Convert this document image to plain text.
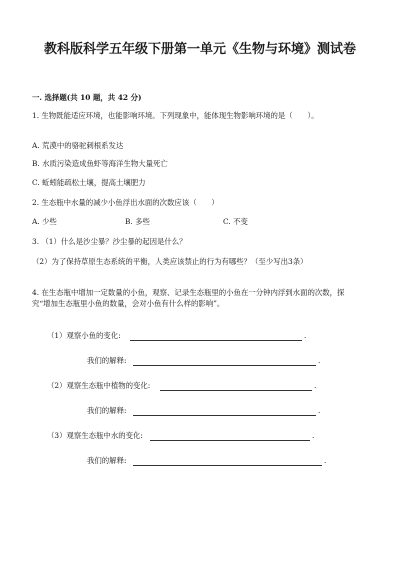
教科版科学五年级下册第一单元《生物与环境》测试卷
一. 选择题(共 10 题，共 42 分)
1. 生物既能适应环境，也能影响环境。下列现象中，能体现生物影响环境的是（　　）。
A. 荒漠中的骆驼刺根系发达
B. 水质污染造成鱼虾等海洋生物大量死亡
C. 蚯蚓能疏松土壤，提高土壤肥力
2. 生态瓶中水量的减少小鱼浮出水面的次数应该（　　）
A. 少些	B. 多些	C. 不变
3. （1）什么是沙尘暴？沙尘暴的起因是什么？
（2）为了保持草原生态系统的平衡，人类应该禁止的行为有哪些？（至少写出3条）
4. 在生态瓶中增加一定数量的小鱼，观察、记录生态瓶里的小鱼在一分钟内浮到水面的次数，探究“增加生态瓶里小鱼的数量，会对小鱼有什么样的影响”。
（1）观察小鱼的变化:	.
我们的解释:	.
（2）观察生态瓶中植物的变化:	.
我们的解释:	.
（3）观察生态瓶中水的变化:	.
我们的解释:	.
